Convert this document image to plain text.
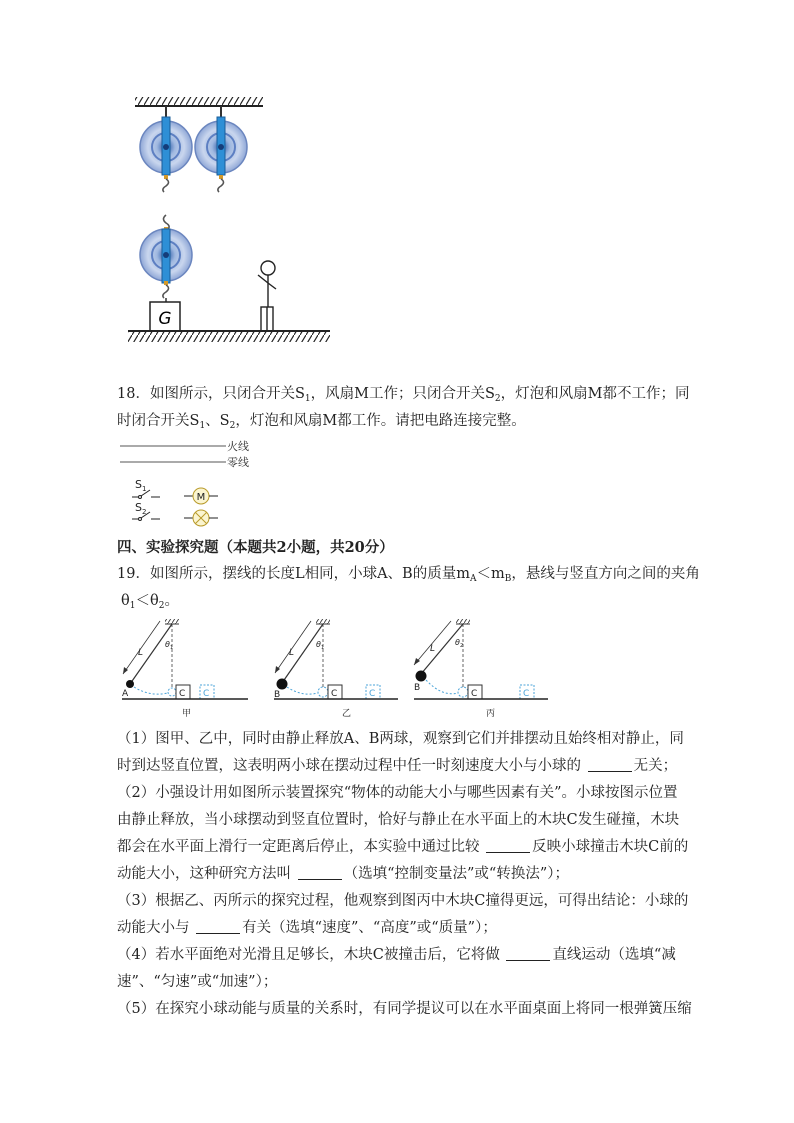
G
18．如图所示，只闭合开关$S_1$，风扇M工作；只闭合开关$S_2$，灯泡和风扇M都不工作；同
时闭合开关$S_1$、$S_2$，灯泡和风扇M都工作。请把电路连接完整。
火线
零线
S 1
S 2
M
四、实验探究题（本题共2小题，共20分）
19．如图所示，摆线的长度L相同，小球A、B的质量$m_A<m_B$，悬线与竖直方向之间的夹角
$\theta_1<\theta_2$。
L
θ 1
A	C C
甲
L
θ 1
B	C	C
乙
L
θ 2
B
C	C
丙
（1）图甲、乙中，同时由静止释放A、B两球，观察到它们并排摆动且始终相对静止，同
时到达竖直位置，这表明两小球在摆动过程中任一时刻速度大小与小球的	无关；
（2）小强设计用如图所示装置探究“物体的动能大小与哪些因素有关”。小球按图示位置
由静止释放，当小球摆动到竖直位置时，恰好与静止在水平面上的木块C发生碰撞，木块
都会在水平面上滑行一定距离后停止，本实验中通过比较	反映小球撞击木块C前的
动能大小，这种研究方法叫	（选填“控制变量法”或“转换法”）；
（3）根据乙、丙所示的探究过程，他观察到图丙中木块C撞得更远，可得出结论：小球的
动能大小与	有关（选填“速度”、“高度”或“质量”）；
（4）若水平面绝对光滑且足够长，木块C被撞击后，它将做	直线运动（选填“减
速”、“匀速”或“加速”）；
（5）在探究小球动能与质量的关系时，有同学提议可以在水平面桌面上将同一根弹簧压缩
